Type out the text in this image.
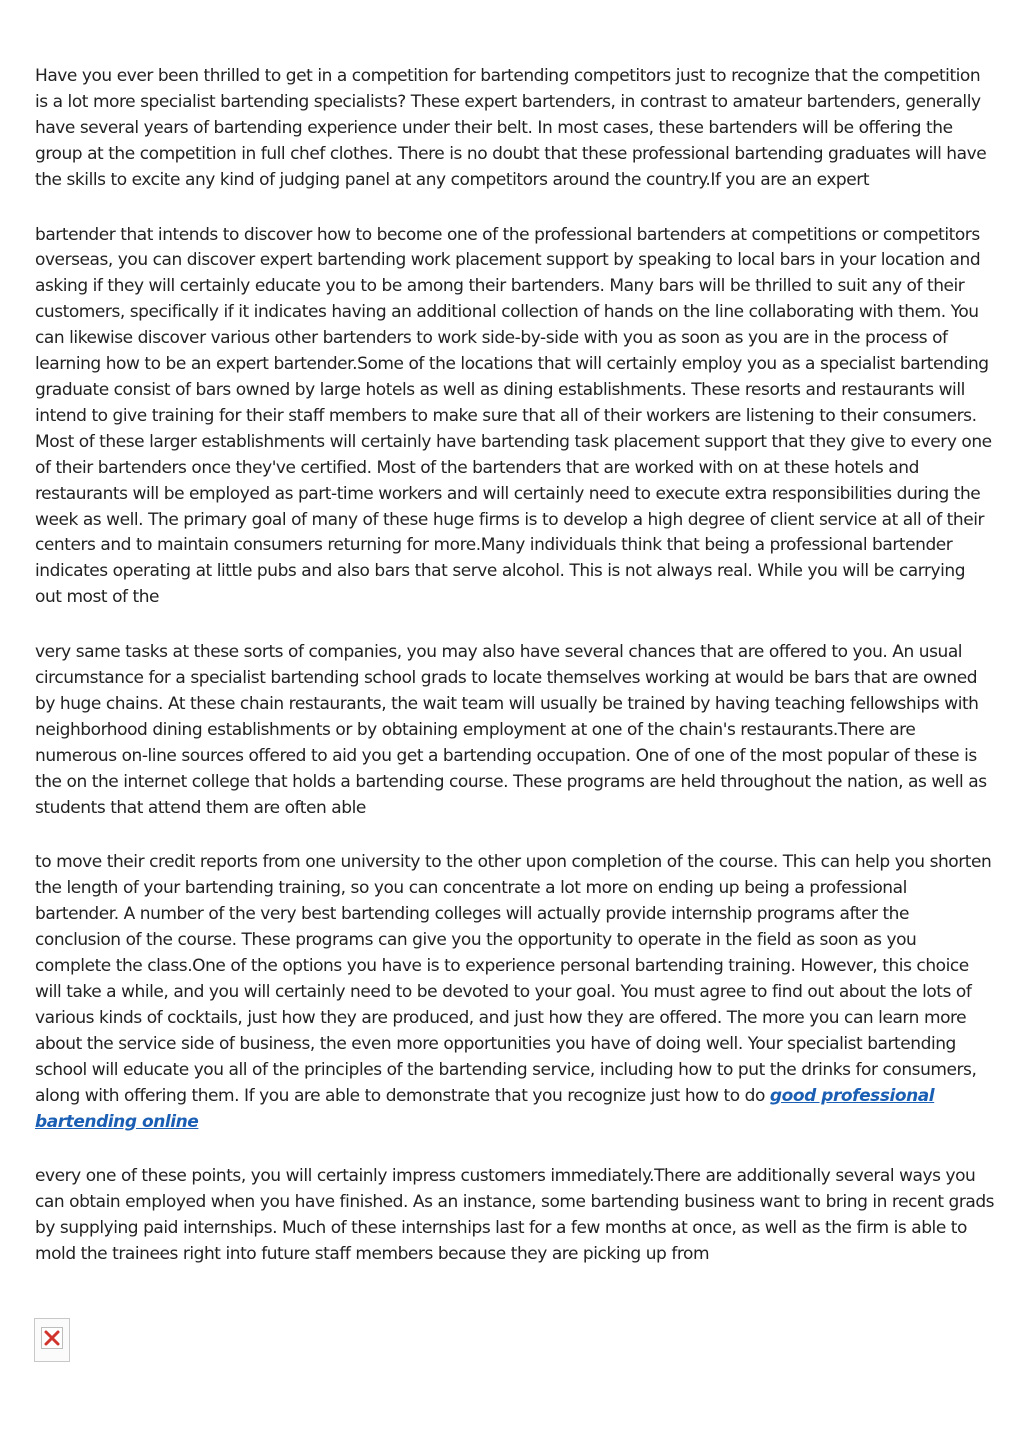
Have you ever been thrilled to get in a competition for bartending competitors just to recognize that the competition is a lot more specialist bartending specialists? These expert bartenders, in contrast to amateur bartenders, generally have several years of bartending experience under their belt. In most cases, these bartenders will be offering the group at the competition in full chef clothes. There is no doubt that these professional bartending graduates will have the skills to excite any kind of judging panel at any competitors around the country.If you are an expert

bartender that intends to discover how to become one of the professional bartenders at competitions or competitors overseas, you can discover expert bartending work placement support by speaking to local bars in your location and asking if they will certainly educate you to be among their bartenders. Many bars will be thrilled to suit any of their customers, specifically if it indicates having an additional collection of hands on the line collaborating with them. You can likewise discover various other bartenders to work side-by-side with you as soon as you are in the process of learning how to be an expert bartender.Some of the locations that will certainly employ you as a specialist bartending graduate consist of bars owned by large hotels as well as dining establishments. These resorts and restaurants will intend to give training for their staff members to make sure that all of their workers are listening to their consumers. Most of these larger establishments will certainly have bartending task placement support that they give to every one of their bartenders once they've certified. Most of the bartenders that are worked with on at these hotels and restaurants will be employed as part-time workers and will certainly need to execute extra responsibilities during the week as well. The primary goal of many of these huge firms is to develop a high degree of client service at all of their centers and to maintain consumers returning for more.Many individuals think that being a professional bartender indicates operating at little pubs and also bars that serve alcohol. This is not always real. While you will be carrying out most of the

very same tasks at these sorts of companies, you may also have several chances that are offered to you. An usual circumstance for a specialist bartending school grads to locate themselves working at would be bars that are owned by huge chains. At these chain restaurants, the wait team will usually be trained by having teaching fellowships with neighborhood dining establishments or by obtaining employment at one of the chain's restaurants.There are numerous on-line sources offered to aid you get a bartending occupation. One of one of the most popular of these is the on the internet college that holds a bartending course. These programs are held throughout the nation, as well as students that attend them are often able

to move their credit reports from one university to the other upon completion of the course. This can help you shorten the length of your bartending training, so you can concentrate a lot more on ending up being a professional bartender. A number of the very best bartending colleges will actually provide internship programs after the conclusion of the course. These programs can give you the opportunity to operate in the field as soon as you complete the class.One of the options you have is to experience personal bartending training. However, this choice will take a while, and you will certainly need to be devoted to your goal. You must agree to find out about the lots of various kinds of cocktails, just how they are produced, and just how they are offered. The more you can learn more about the service side of business, the even more opportunities you have of doing well. Your specialist bartending school will educate you all of the principles of the bartending service, including how to put the drinks for consumers, along with offering them. If you are able to demonstrate that you recognize just how to do good professional bartending online

every one of these points, you will certainly impress customers immediately.There are additionally several ways you can obtain employed when you have finished. As an instance, some bartending business want to bring in recent grads by supplying paid internships. Much of these internships last for a few months at once, as well as the firm is able to mold the trainees right into future staff members because they are picking up from
